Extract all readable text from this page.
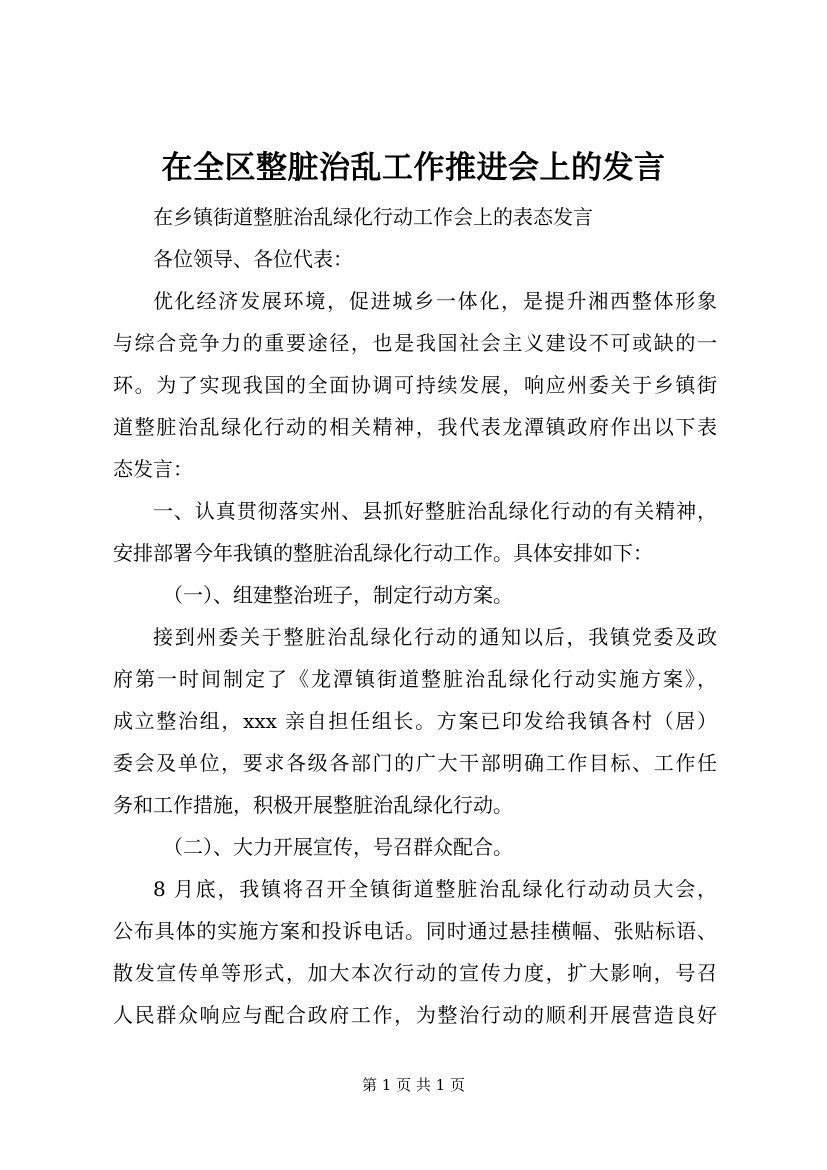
在全区整脏治乱工作推进会上的发言
在乡镇街道整脏治乱绿化行动工作会上的表态发言
各位领导、各位代表：
优化经济发展环境，促进城乡一体化，是提升湘西整体形象
与综合竞争力的重要途径，也是我国社会主义建设不可或缺的一
环。为了实现我国的全面协调可持续发展，响应州委关于乡镇街
道整脏治乱绿化行动的相关精神，我代表龙潭镇政府作出以下表
态发言：
一、认真贯彻落实州、县抓好整脏治乱绿化行动的有关精神，
安排部署今年我镇的整脏治乱绿化行动工作。具体安排如下：
（一）、组建整治班子，制定行动方案。
接到州委关于整脏治乱绿化行动的通知以后，我镇党委及政
府第一时间制定了《龙潭镇街道整脏治乱绿化行动实施方案》，
成立整治组，xxx 亲自担任组长。方案已印发给我镇各村（居）
委会及单位，要求各级各部门的广大干部明确工作目标、工作任
务和工作措施，积极开展整脏治乱绿化行动。
（二）、大力开展宣传，号召群众配合。
8 月底，我镇将召开全镇街道整脏治乱绿化行动动员大会，
公布具体的实施方案和投诉电话。同时通过悬挂横幅、张贴标语、
散发宣传单等形式，加大本次行动的宣传力度，扩大影响，号召
人民群众响应与配合政府工作，为整治行动的顺利开展营造良好
第 1 页 共 1 页
